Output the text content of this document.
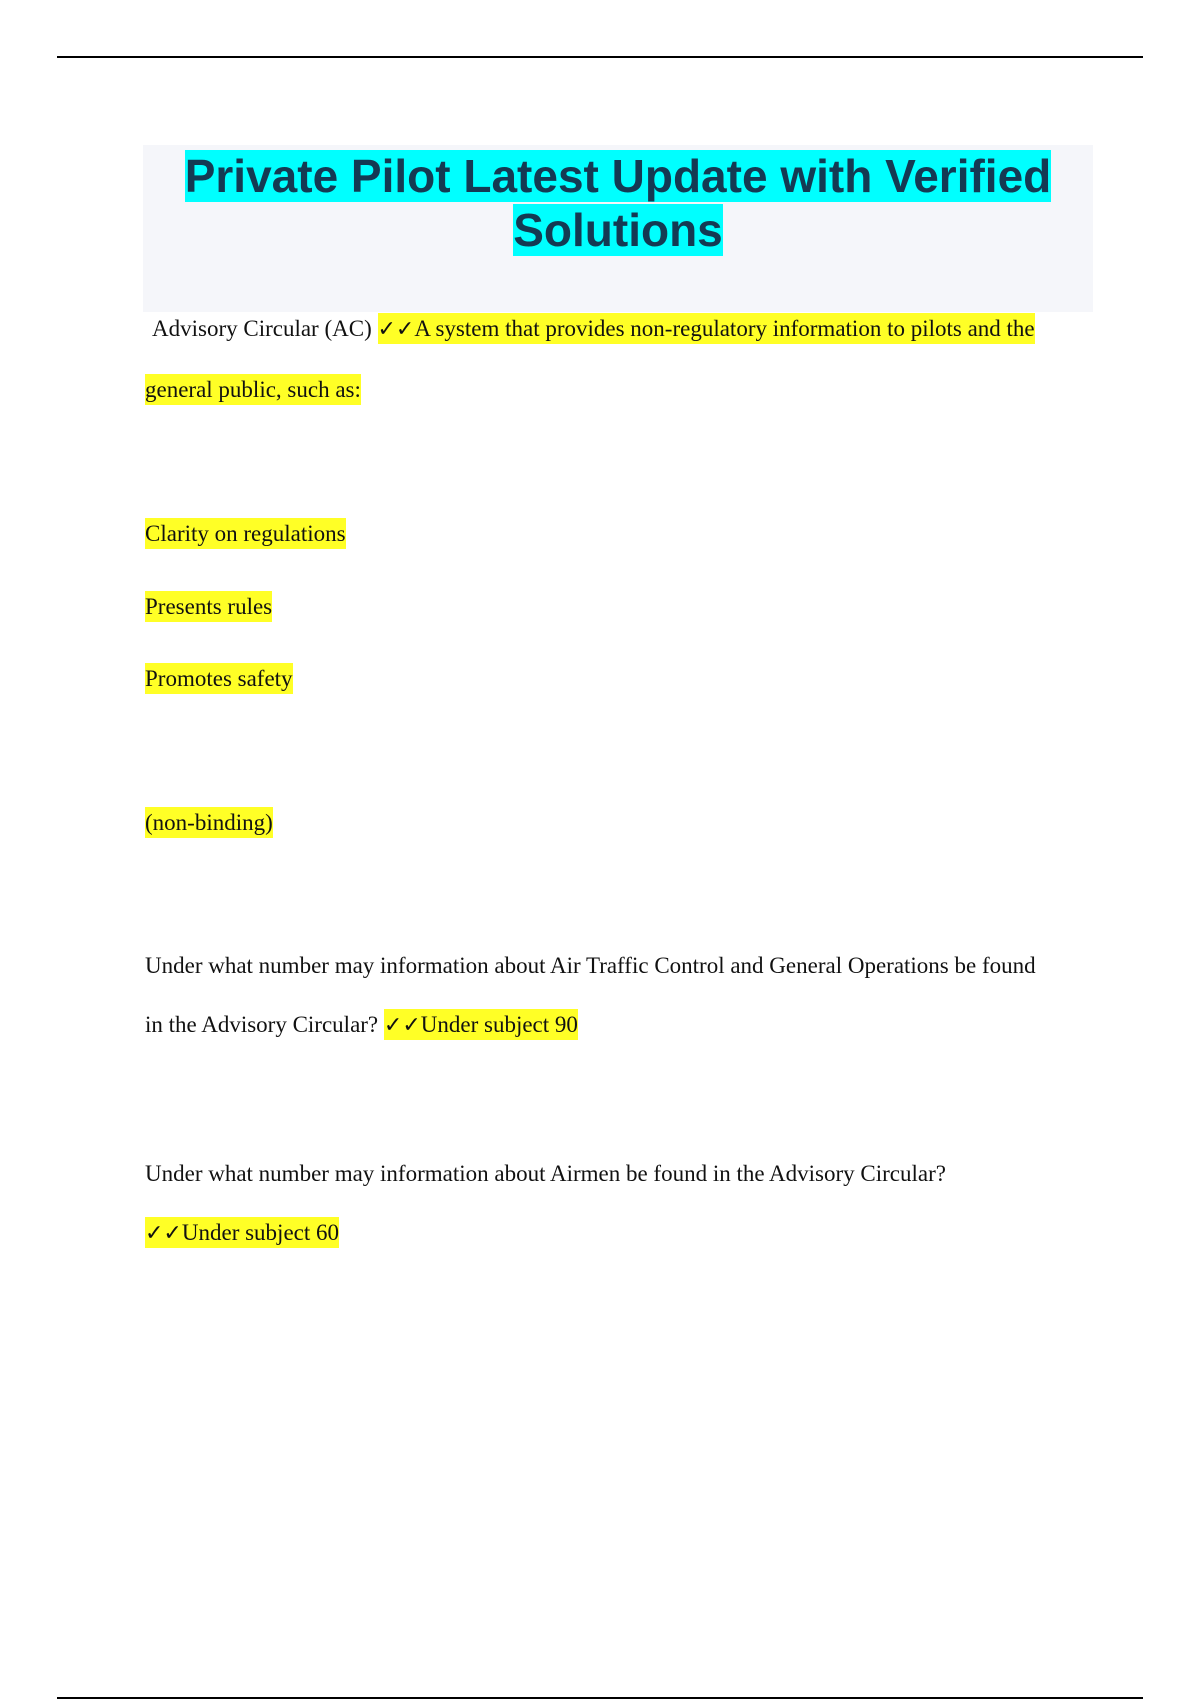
Private Pilot Latest Update with Verified
Solutions
Advisory Circular (AC) ✓✓A system that provides non-regulatory information to pilots and the
general public, such as:
Clarity on regulations
Presents rules
Promotes safety
(non-binding)
Under what number may information about Air Traffic Control and General Operations be found
in the Advisory Circular? ✓✓Under subject 90
Under what number may information about Airmen be found in the Advisory Circular?
✓✓Under subject 60
